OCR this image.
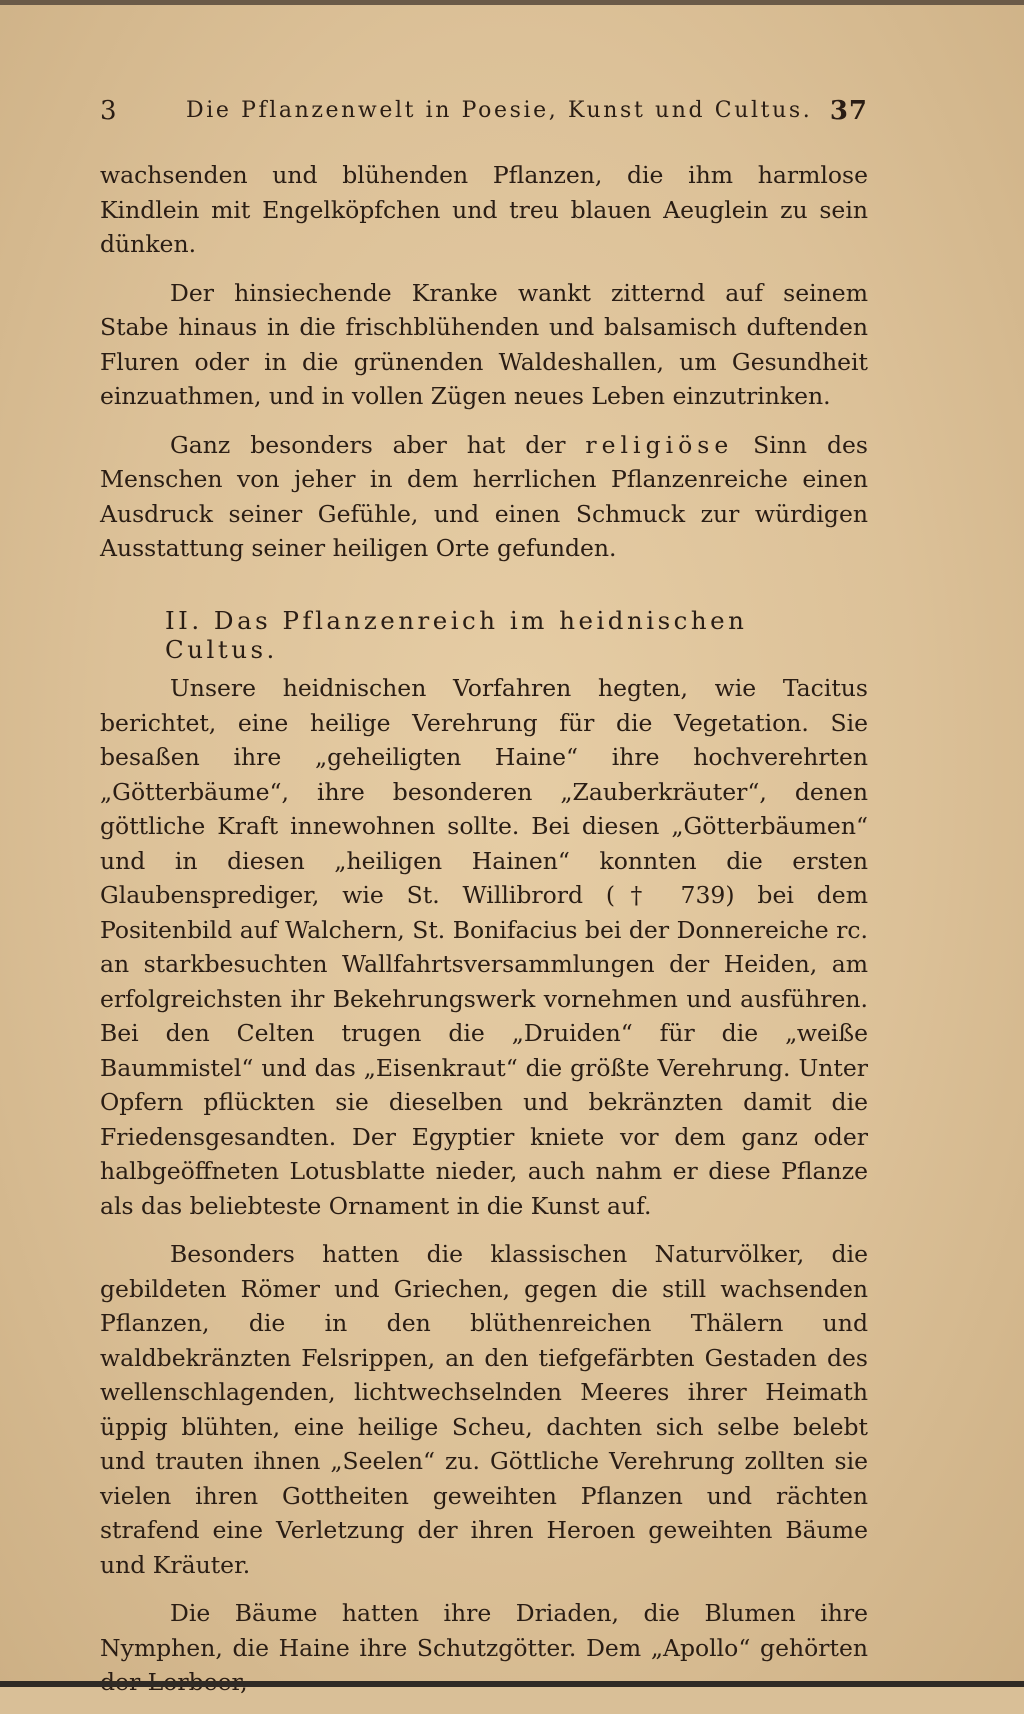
3	Die Pflanzenwelt in Poesie, Kunst und Cultus. 37

wachsenden und blühenden Pflanzen, die ihm harmlose Kindlein mit Engelköpfchen und treu blauen Aeuglein zu sein dünken.

Der hinsiechende Kranke wankt zitternd auf seinem Stabe hinaus in die frischblühenden und balsamisch duftenden Fluren oder in die grünenden Waldeshallen, um Gesundheit einzuathmen, und in vollen Zügen neues Leben einzutrinken.

Ganz besonders aber hat der religiöse Sinn des Menschen von jeher in dem herrlichen Pflanzenreiche einen Ausdruck seiner Gefühle, und einen Schmuck zur würdigen Ausstattung seiner heiligen Orte gefunden.

II. Das Pflanzenreich im heidnischen Cultus.

Unsere heidnischen Vorfahren hegten, wie Tacitus berichtet, eine heilige Verehrung für die Vegetation. Sie besaßen ihre „geheiligten Haine“ ihre hochverehrten „Götterbäume“, ihre besonderen „Zauberkräuter“, denen göttliche Kraft innewohnen sollte. Bei diesen „Götterbäumen“ und in diesen „heiligen Hainen“ konnten die ersten Glaubensprediger, wie St. Willibrord († 739) bei dem Positenbild auf Walchern, St. Bonifacius bei der Donnereiche rc. an starkbesuchten Wallfahrtsversammlungen der Heiden, am erfolgreichsten ihr Bekehrungswerk vornehmen und ausführen. Bei den Celten trugen die „Druiden“ für die „weiße Baummistel“ und das „Eisenkraut“ die größte Verehrung. Unter Opfern pflückten sie dieselben und bekränzten damit die Friedensgesandten. Der Egyptier kniete vor dem ganz oder halbgeöffneten Lotusblatte nieder, auch nahm er diese Pflanze als das beliebteste Ornament in die Kunst auf.

Besonders hatten die klassischen Naturvölker, die gebildeten Römer und Griechen, gegen die still wachsenden Pflanzen, die in den blüthenreichen Thälern und waldbekränzten Felsrippen, an den tiefgefärbten Gestaden des wellenschlagenden, lichtwechselnden Meeres ihrer Heimath üppig blühten, eine heilige Scheu, dachten sich selbe belebt und trauten ihnen „Seelen“ zu. Göttliche Verehrung zollten sie vielen ihren Gottheiten geweihten Pflanzen und rächten strafend eine Verletzung der ihren Heroen geweihten Bäume und Kräuter.

Die Bäume hatten ihre Driaden, die Blumen ihre Nymphen, die Haine ihre Schutzgötter. Dem „Apollo“ gehörten
